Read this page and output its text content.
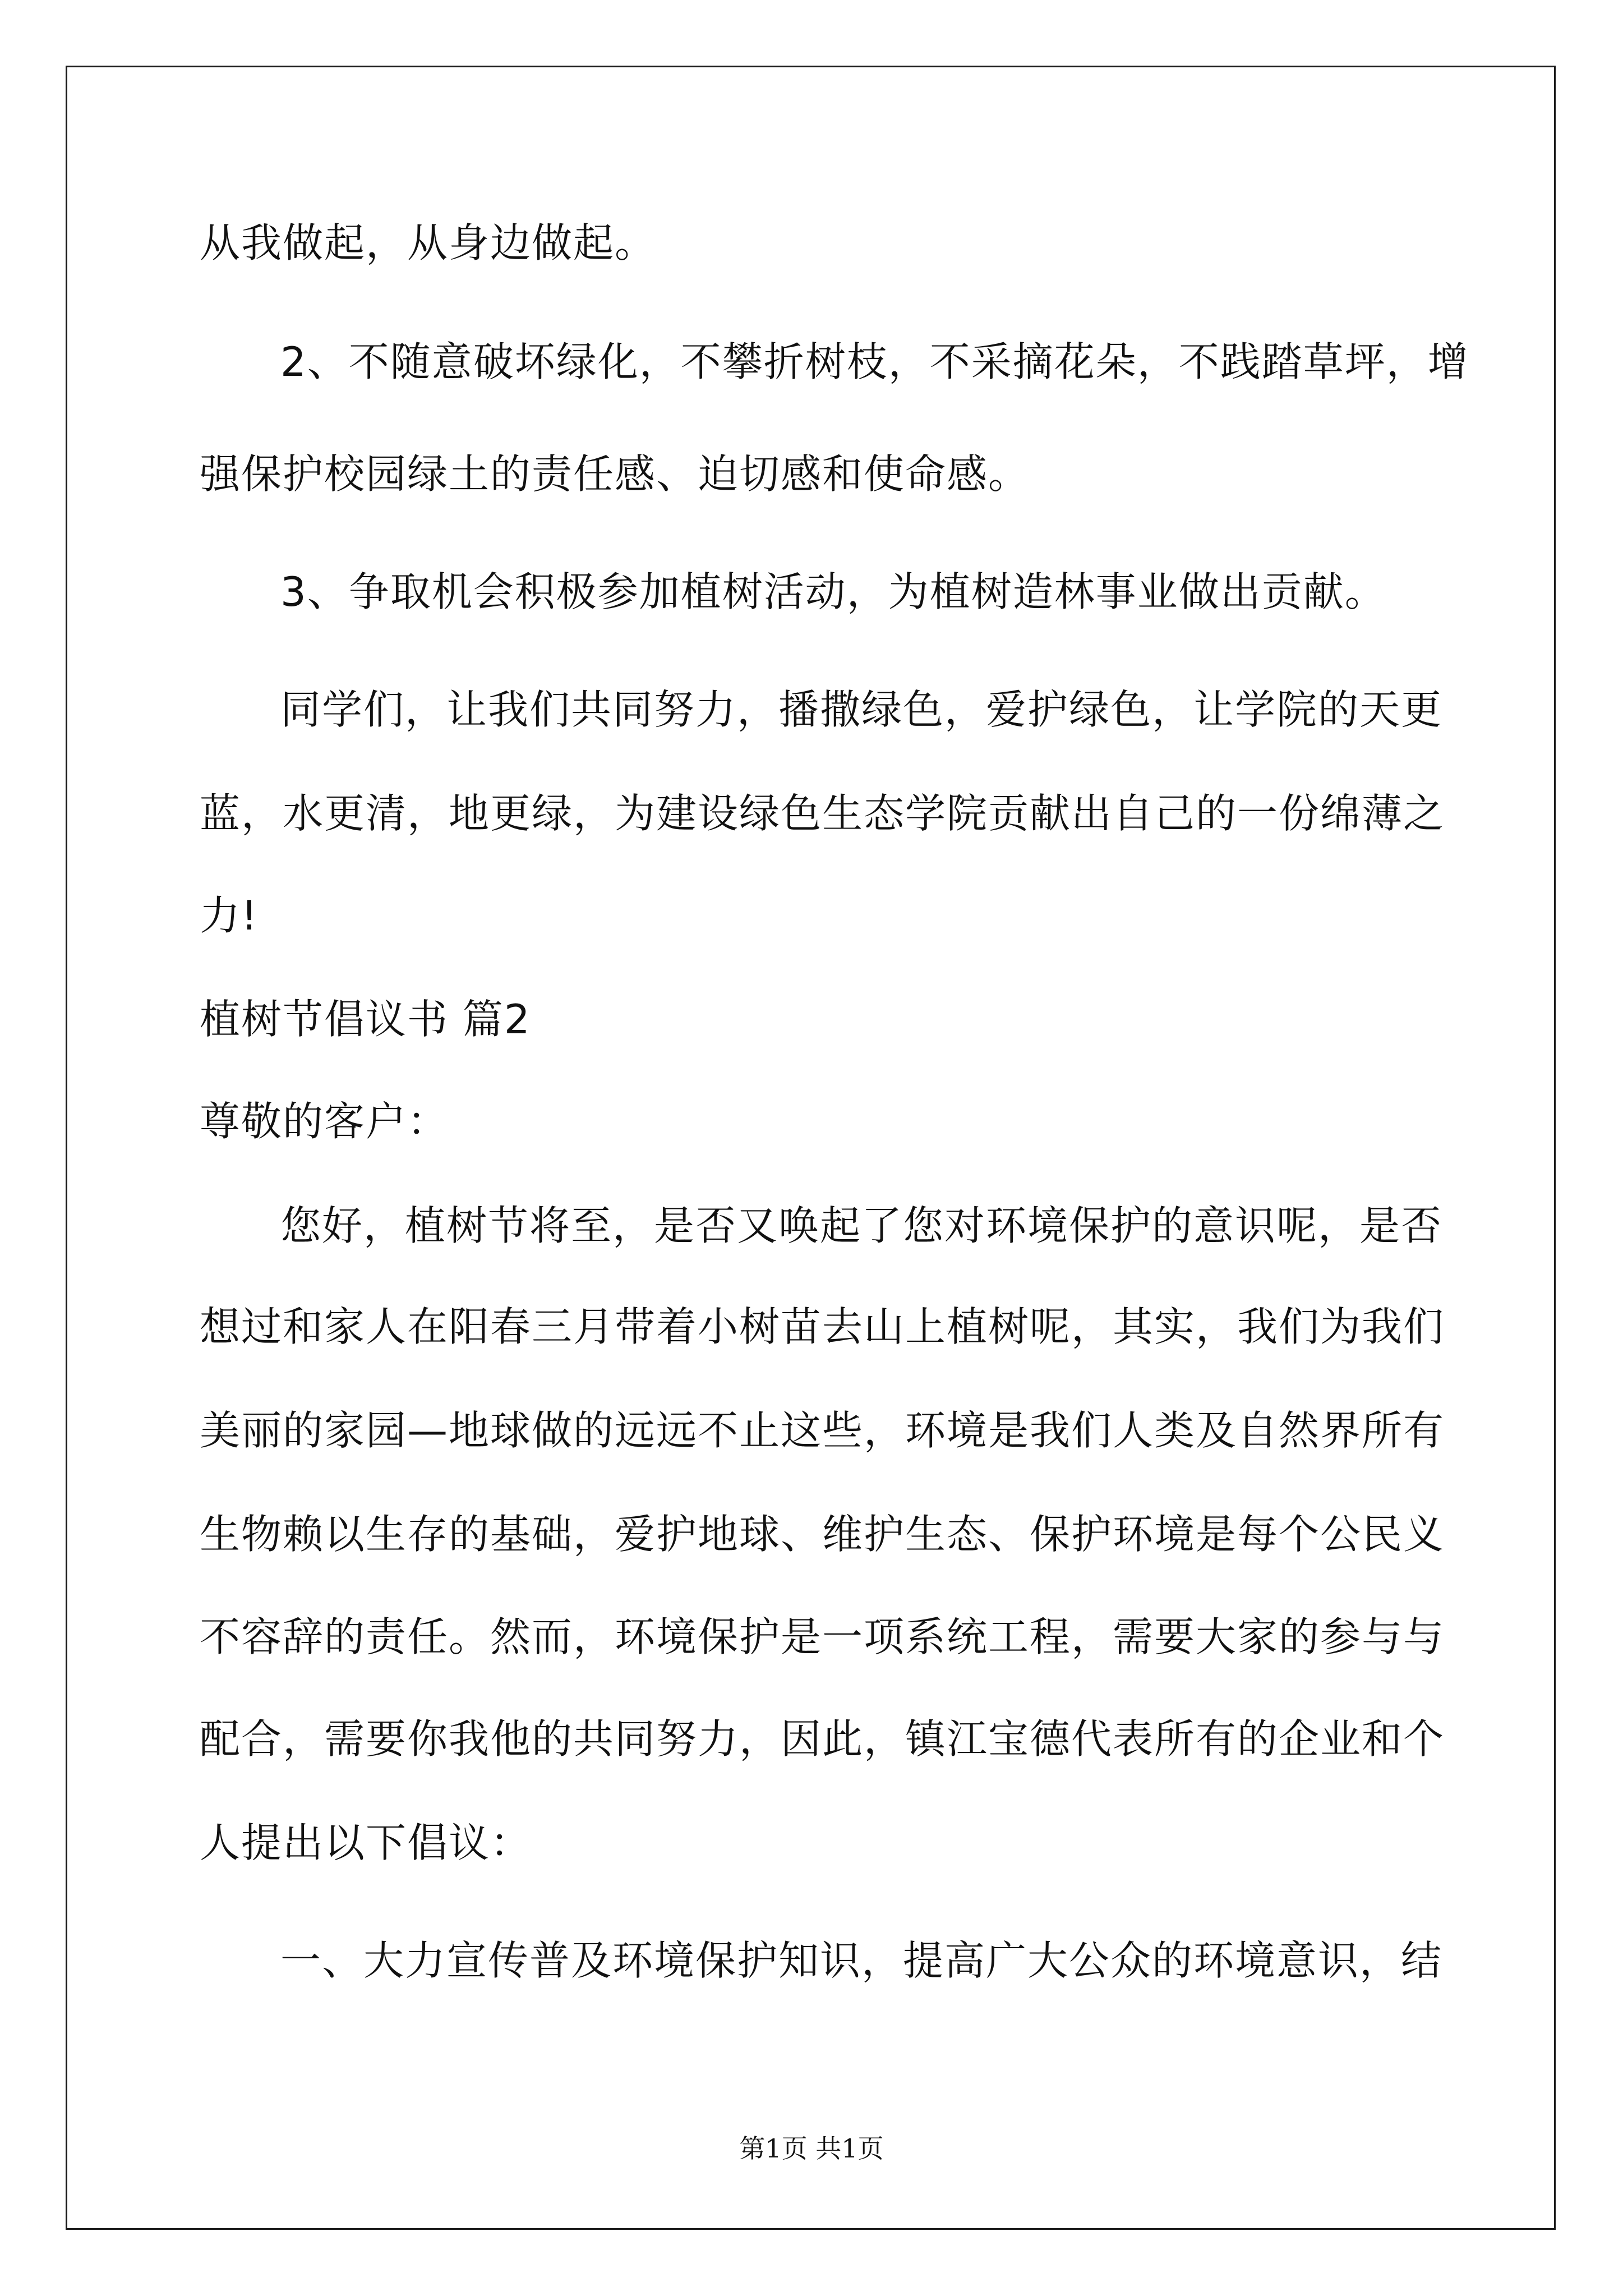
从我做起，从身边做起。
2、不随意破坏绿化，不攀折树枝，不采摘花朵，不践踏草坪，增
强保护校园绿土的责任感、迫切感和使命感。
3、争取机会积极参加植树活动，为植树造林事业做出贡献。
同学们，让我们共同努力，播撒绿色，爱护绿色，让学院的天更
蓝，水更清，地更绿，为建设绿色生态学院贡献出自己的一份绵薄之
力!
植树节倡议书 篇2
尊敬的客户：
您好，植树节将至，是否又唤起了您对环境保护的意识呢，是否
想过和家人在阳春三月带着小树苗去山上植树呢，其实，我们为我们
美丽的家园—地球做的远远不止这些，环境是我们人类及自然界所有
生物赖以生存的基础，爱护地球、维护生态、保护环境是每个公民义
不容辞的责任。然而，环境保护是一项系统工程，需要大家的参与与
配合，需要你我他的共同努力，因此，镇江宝德代表所有的企业和个
人提出以下倡议：
一、大力宣传普及环境保护知识，提高广大公众的环境意识，结
第1页 共1页
